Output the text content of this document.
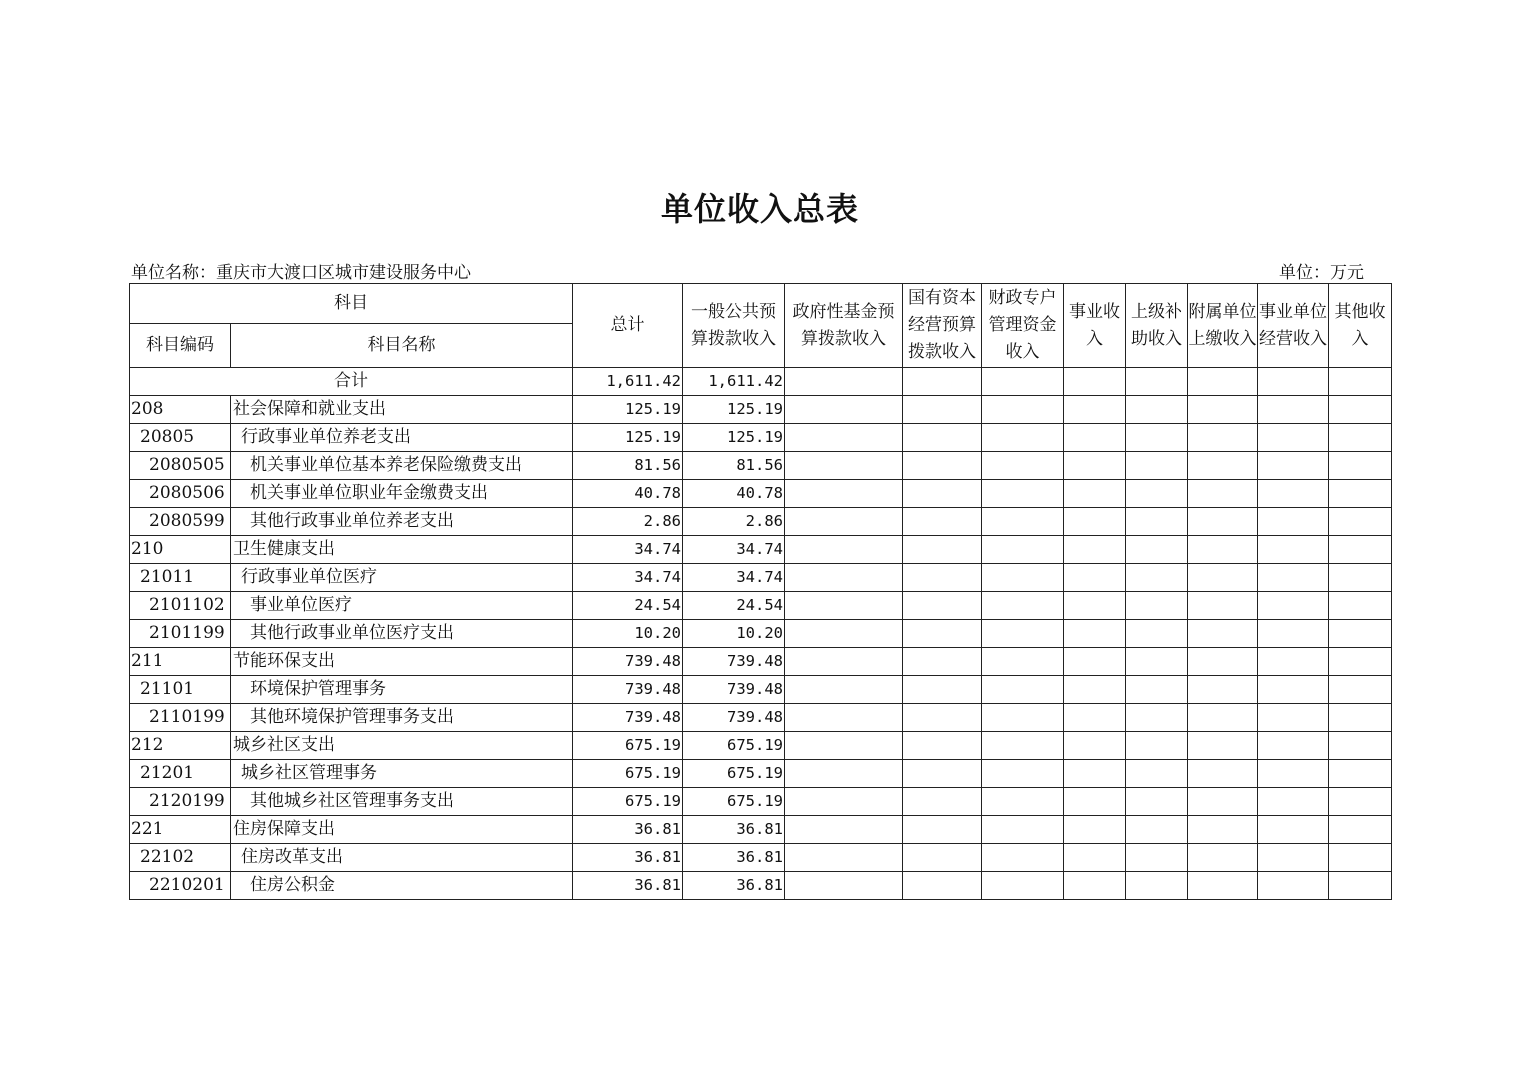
单位收入总表
单位名称：重庆市大渡口区城市建设服务中心	单位：万元
科目		总计	一般公共预算拨款收入	政府性基金预算拨款收入	国有资本经营预算拨款收入	财政专户管理资金收入	事业收入	上级补助收入	附属单位上缴收入	事业单位经营收入	其他收入
科目编码	科目名称										
合计		1,611.42	1,611.42								
208	社会保障和就业支出	125.19	125.19								
20805	行政事业单位养老支出	125.19	125.19								
2080505	机关事业单位基本养老保险缴费支出	81.56	81.56								
2080506	机关事业单位职业年金缴费支出	40.78	40.78								
2080599	其他行政事业单位养老支出	2.86	2.86								
210	卫生健康支出	34.74	34.74								
21011	行政事业单位医疗	34.74	34.74								
2101102	事业单位医疗	24.54	24.54								
2101199	其他行政事业单位医疗支出	10.20	10.20								
211	节能环保支出	739.48	739.48								
21101	环境保护管理事务	739.48	739.48								
2110199	其他环境保护管理事务支出	739.48	739.48								
212	城乡社区支出	675.19	675.19								
21201	城乡社区管理事务	675.19	675.19								
2120199	其他城乡社区管理事务支出	675.19	675.19								
221	住房保障支出	36.81	36.81								
22102	住房改革支出	36.81	36.81								
2210201	住房公积金	36.81	36.81								
